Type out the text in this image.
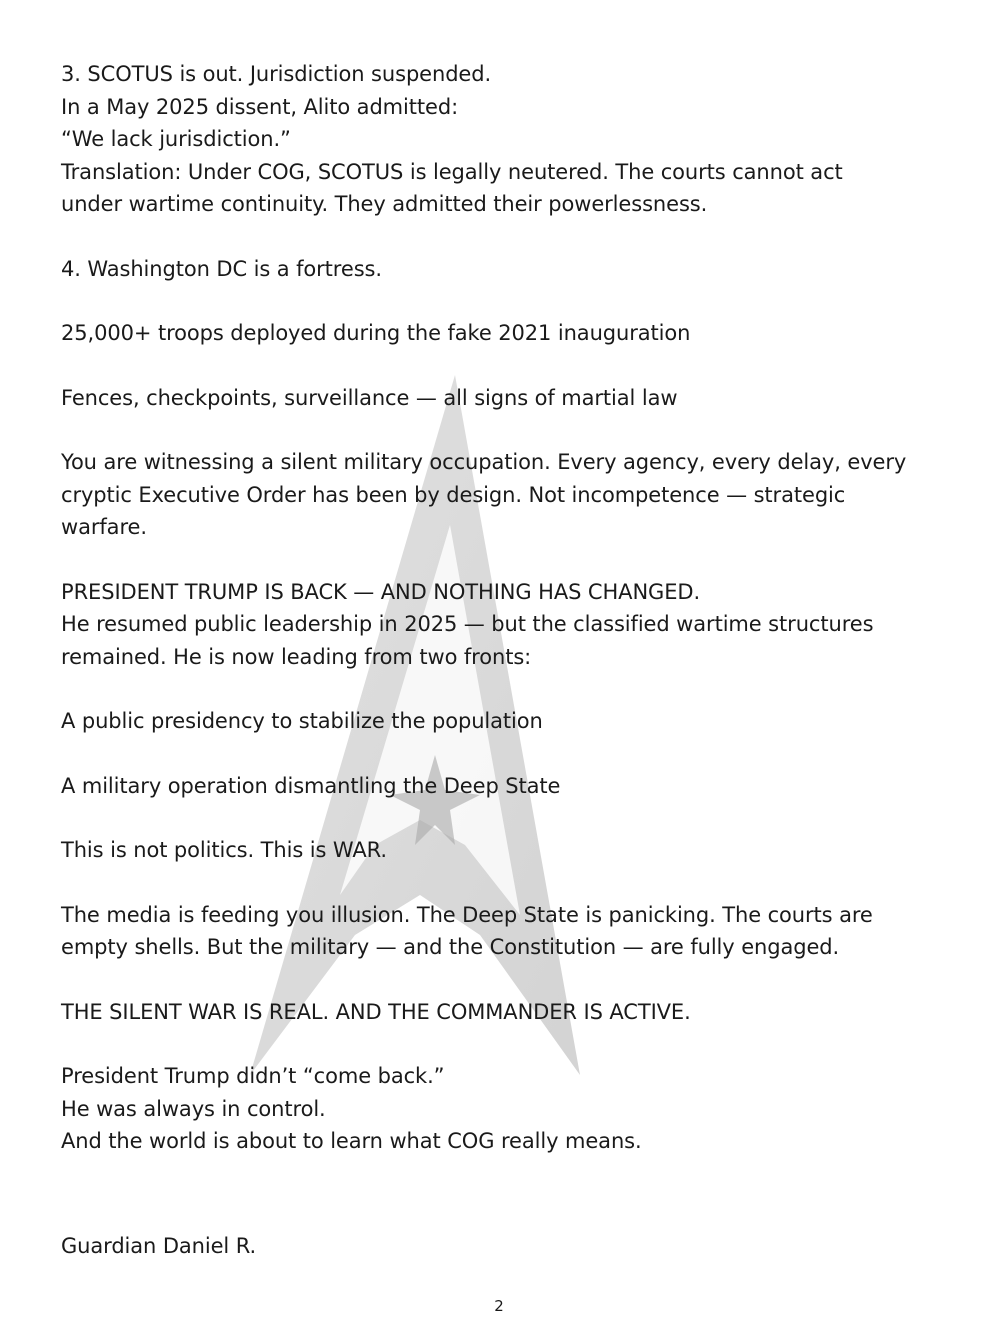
3. SCOTUS is out. Jurisdiction suspended.
In a May 2025 dissent, Alito admitted:
“We lack jurisdiction.”
Translation: Under COG, SCOTUS is legally neutered. The courts cannot act
under wartime continuity. They admitted their powerlessness.

4. Washington DC is a fortress.

25,000+ troops deployed during the fake 2021 inauguration

Fences, checkpoints, surveillance — all signs of martial law

You are witnessing a silent military occupation. Every agency, every delay, every
cryptic Executive Order has been by design. Not incompetence — strategic
warfare.

PRESIDENT TRUMP IS BACK — AND NOTHING HAS CHANGED.
He resumed public leadership in 2025 — but the classified wartime structures
remained. He is now leading from two fronts:

A public presidency to stabilize the population

A military operation dismantling the Deep State

This is not politics. This is WAR.

The media is feeding you illusion. The Deep State is panicking. The courts are
empty shells. But the military — and the Constitution — are fully engaged.

THE SILENT WAR IS REAL. AND THE COMMANDER IS ACTIVE.

President Trump didn’t “come back.”
He was always in control.
And the world is about to learn what COG really means.

Guardian Daniel R.

2
